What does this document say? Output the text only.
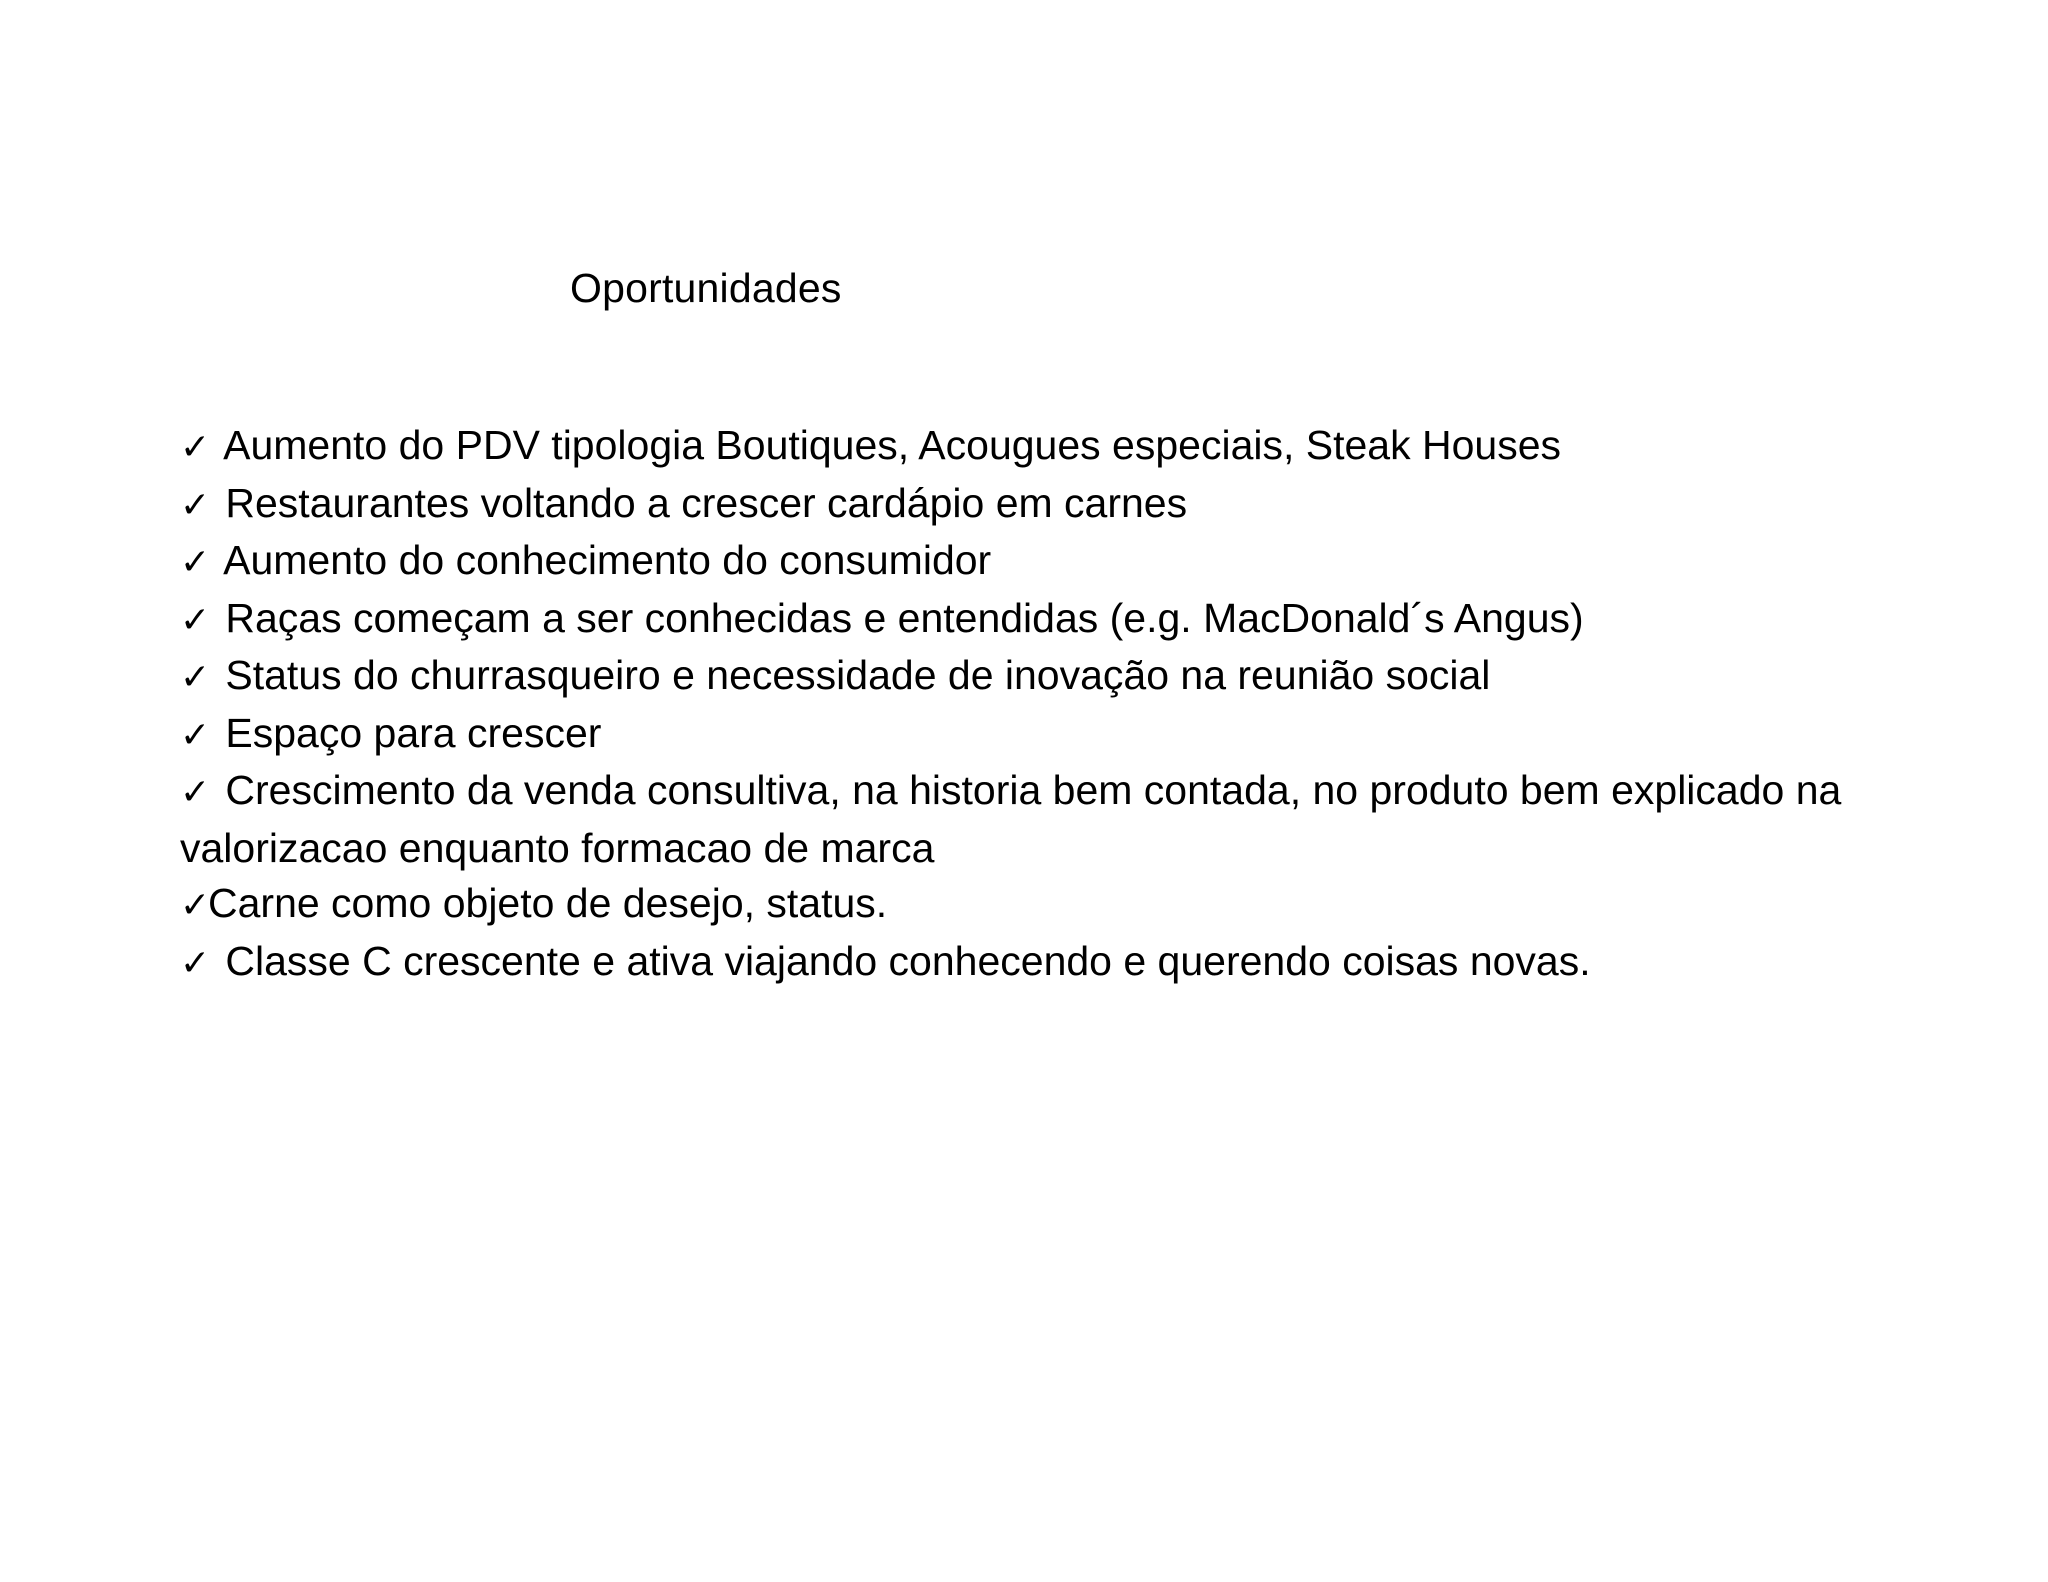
Oportunidades
✓ Aumento do PDV tipologia Boutiques, Acougues especiais, Steak Houses
✓ Restaurantes voltando a crescer cardápio em carnes
✓ Aumento do conhecimento do consumidor
✓ Raças começam a ser conhecidas e entendidas (e.g. MacDonald´s Angus)
✓ Status do churrasqueiro e necessidade de inovação na reunião social
✓ Espaço para crescer
✓ Crescimento da venda consultiva, na historia bem contada, no produto bem explicado na valorizacao enquanto formacao de marca
✓Carne como objeto de desejo, status.
✓ Classe C crescente e ativa viajando conhecendo e querendo coisas novas.
